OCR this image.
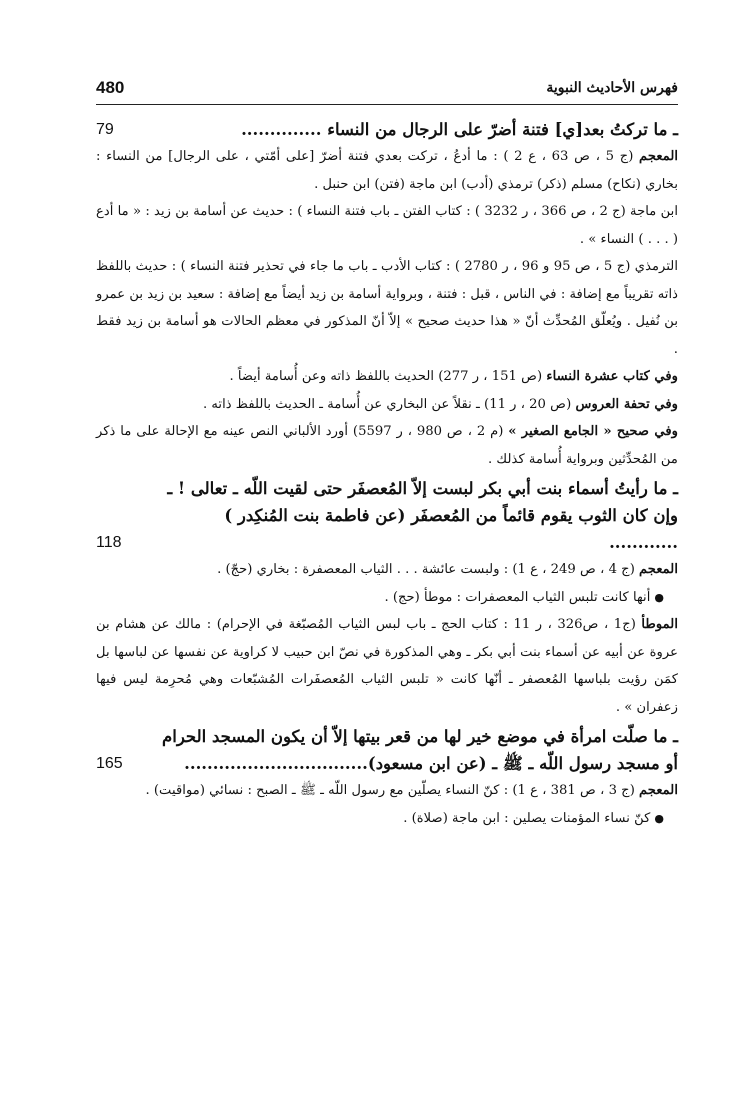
480	فهرس الأحاديث النبوية
ـ ما تركتُ بعد[ي] فتنة أضرّ على الرجال من النساء ..............
79

المعجم (ج 5 ، ص 63 ، ع 2 ) : ما أدعُ ، تركت بعدي فتنة أضرّ [على أمّتي ، على الرجال] من النساء : بخاري (نكاح) مسلم (ذكر) ترمذي (أدب) ابن ماجة (فتن) ابن حنبل .

ابن ماجة (ج 2 ، ص 366 ، ر 3232 ) : كتاب الفتن ـ باب فتنة النساء ) : حديث عن أسامة بن زيد : « ما أدع ( . . . ) النساء » .

الترمذي (ج 5 ، ص 95 و 96 ، ر 2780 ) : كتاب الأدب ـ باب ما جاء في تحذير فتنة النساء ) : حديث باللفظ ذاته تقريباً مع إضافة : في الناس ، قبل : فتنة ، وبرواية أسامة بن زيد أيضاً مع إضافة : سعيد بن زيد بن عمرو بن نُفيل . ويُعلّق المُحدِّث أنّ « هذا حديث صحيح » إلاّ أنّ المذكور في معظم الحالات هو أسامة بن زيد فقط .

وفي كتاب عشرة النساء (ص 151 ، ر 277) الحديث باللفظ ذاته وعن أُسامة أيضاً .

وفي تحفة العروس (ص 20 ، ر 11) ـ نقلاً عن البخاري عن أُسامة ـ الحديث باللفظ ذاته .

وفي صحيح « الجامع الصغير » (م 2 ، ص 980 ، ر 5597) أورد الألباني النص عينه مع الإحالة على ما ذكر من المُحدِّثين وبرواية أُسامة كذلك .

ـ ما رأيتُ أسماء بنت أبي بكر لبست إلاّ المُعصفَر حتى لقيت اللّه ـ تعالى ! ـ
وإن كان الثوب يقوم قائماً من المُعصفَر (عن فاطمة بنت المُنكِدر ) ............
118

المعجم (ج 4 ، ص 249 ، ع 1) : ولبست عائشة . . . الثياب المعصفرة : بخاري (حجّ) .

● أنها كانت تلبس الثياب المعصفرات : موطأ (حج) .

الموطأ (ج1 ، ص326 ، ر 11 : كتاب الحج ـ باب لبس الثياب المُصبّغة في الإحرام) : مالك عن هشام بن عروة عن أبيه عن أسماء بنت أبي بكر ـ وهي المذكورة في نصّ ابن حبيب لا كراوية عن نفسها عن لباسها بل كمَن رؤيت بلباسها المُعصفر ـ أنّها كانت « تلبس الثياب المُعصفَرات المُشبّعات وهي مُحرِمة ليس فيها زعفران » .

ـ ما صلّت امرأة في موضع خير لها من قعر بيتها إلاّ أن يكون المسجد الحرام
أو مسجد رسول اللّه ـ ﷺ ـ (عن ابن مسعود)................................
165

المعجم (ج 3 ، ص 381 ، ع 1) : كنّ النساء يصلّين مع رسول اللّه ـ ﷺ ـ الصبح : نسائي (مواقيت) .

● كنّ نساء المؤمنات يصلين : ابن ماجة (صلاة) .
